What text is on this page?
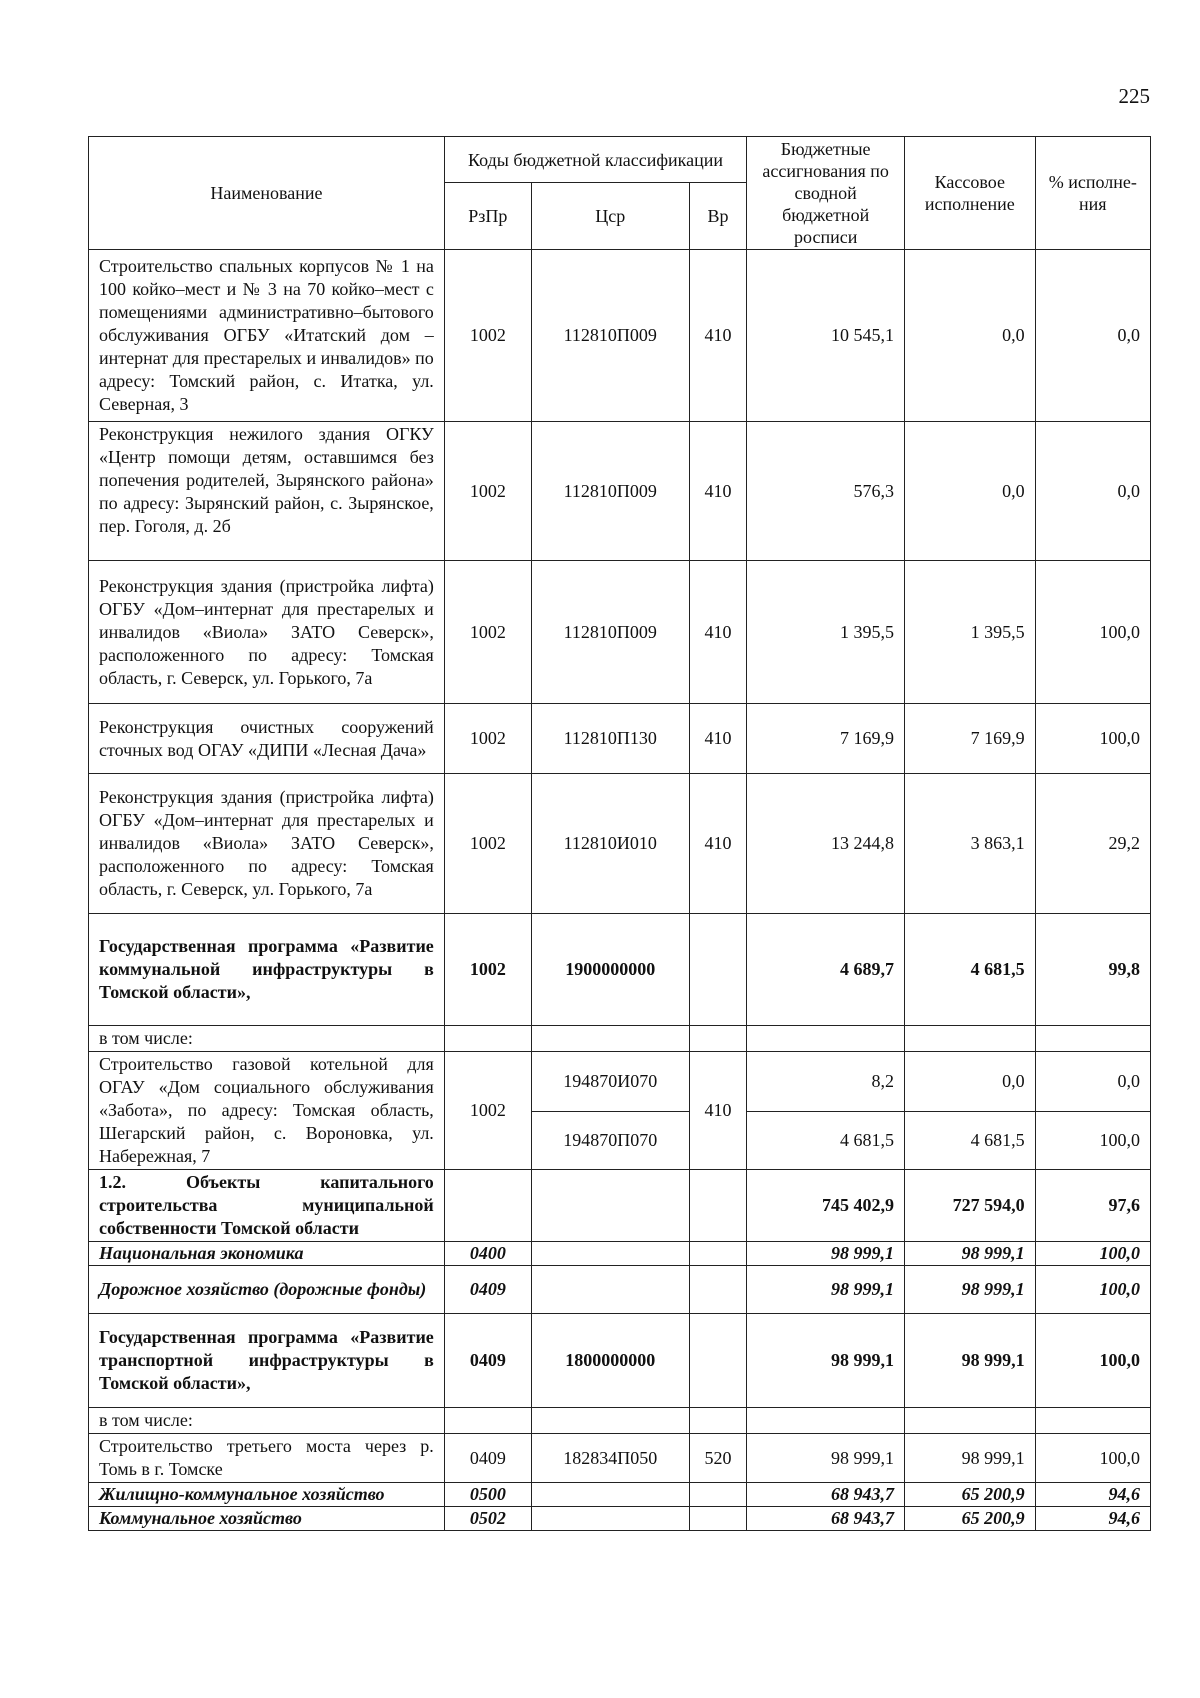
225
Наименование	Коды бюджетной классификации			Бюджетные ассигнования по сводной бюджетной росписи	Кассовое исполнение	% исполне-ния
	РзПр	Цср	Вр			
Строительство спальных корпусов № 1 на 100 койко–мест и № 3 на 70 койко–мест с помещениями административно–бытового обслуживания ОГБУ «Итатский дом – интернат для престарелых и инвалидов» по адресу: Томский район, с. Итатка, ул. Северная, 3	1002	112810П009	410	10 545,1	0,0	0,0
Реконструкция нежилого здания ОГКУ «Центр помощи детям, оставшимся без попечения родителей, Зырянского района» по адресу: Зырянский район, с. Зырянское, пер. Гоголя, д. 2б	1002	112810П009	410	576,3	0,0	0,0
Реконструкция здания (пристройка лифта) ОГБУ «Дом–интернат для престарелых и инвалидов «Виола» ЗАТО Северск», расположенного по адресу: Томская область, г. Северск, ул. Горького, 7а	1002	112810П009	410	1 395,5	1 395,5	100,0
Реконструкция очистных сооружений сточных вод ОГАУ «ДИПИ «Лесная Дача»	1002	112810П130	410	7 169,9	7 169,9	100,0
Реконструкция здания (пристройка лифта) ОГБУ «Дом–интернат для престарелых и инвалидов «Виола» ЗАТО Северск», расположенного по адресу: Томская область, г. Северск, ул. Горького, 7а	1002	112810И010	410	13 244,8	3 863,1	29,2
Государственная программа «Развитие коммунальной инфраструктуры в Томской области»,	1002	1900000000		4 689,7	4 681,5	99,8
в том числе:						
Строительство газовой котельной для ОГАУ «Дом социального обслуживания «Забота», по адресу: Томская область, Шегарский район, с. Вороновка, ул. Набережная, 7	1002	194870И070	410	8,2	0,0	0,0
		194870П070		4 681,5	4 681,5	100,0
1.2. Объекты капитального строительства муниципальной собственности Томской области				745 402,9	727 594,0	97,6
Национальная экономика	0400			98 999,1	98 999,1	100,0
Дорожное хозяйство (дорожные фонды)	0409			98 999,1	98 999,1	100,0
Государственная программа «Развитие транспортной инфраструктуры в Томской области»,	0409	1800000000		98 999,1	98 999,1	100,0
в том числе:						
Строительство третьего моста через р. Томь в г. Томске	0409	182834П050	520	98 999,1	98 999,1	100,0
Жилищно-коммунальное хозяйство	0500			68 943,7	65 200,9	94,6
Коммунальное хозяйство	0502			68 943,7	65 200,9	94,6
